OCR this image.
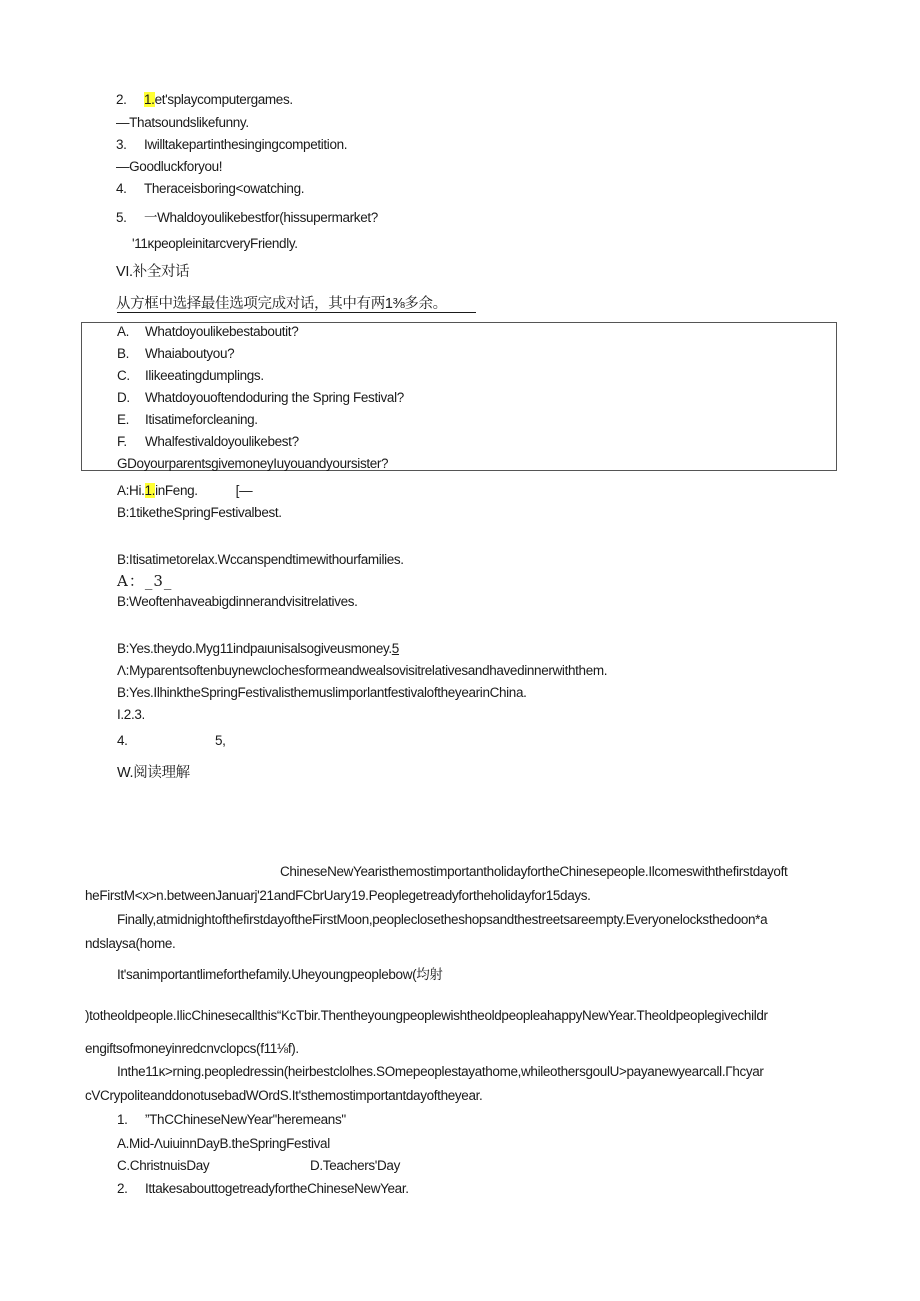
2. 1.et'splaycomputergames.
—Thatsoundslikefunny.
3. Iwilltakepartinthesingingcompetition.
—Goodluckforyou!
4. Theraceisboring<owatching.
5. 一Whaldoyoulikebestfor(hissupermarket?
'11κpeopleinitarcveryFriendly.
VI.补全对话
从方框中选择最佳选项完成对话，其中有两1⅜多余。
A. Whatdoyoulikebestaboutit?
B. Whaiaboutyou?
C. Ilikeeatingdumplings.
D. Whatdoyouoftendoduring the Spring Festival?
E. Itisatimeforcleaning.
F. Whalfestivaldoyoulikebest?
GDoyourparentsgivemoneyIuyouandyoursister?
A:Hi.1.inFeng.	[—
B:1tiketheSpringFestivalbest.
B:Itisatimetorelax.Wccanspendtimewithourfamilies.
A：_3_
B:Weoftenhaveabigdinnerandvisitrelatives.
B:Yes.theydo.Myg11indpaιunisalsogiveusmoney.5
Λ:Myparentsoftenbuynewclochesformeandwealsovisitrelativesandhavedinnerwiththem.
B:Yes.IlhinktheSpringFestivalisthemuslimporlantfestivaloftheyearinChina.
I.2.3.
4.	5,
W.阅读理解
ChineseNewYearisthemostimportantholidayfortheChinesepeople.Ilcomeswiththefirstdayoft
heFirstM<x>n.betweenJanuarj'21andFCbrUary19.Peoplegetreadyfortheholidayfor15days.
Finally,atmidnightofthefirstdayoftheFirstMoon,peopleclosetheshopsandthestreetsareempty.Everyonelocksthedoon*a
ndslaysa(home.
It'sanimportantlimeforthefamily.Uheyoungpeoplebow(均射
)totheoldpeople.IlicChinesecallthis“KcTbir.ThentheyoungpeoplewishtheoldpeopleahappyNewYear.Theoldpeoplegivechildr
engiftsofmoneyinredcnvclopcs(f11⅛f).
Inthe11κ>rning.peopledressin(heirbestclolhes.SOmepeoplestayathome,whileothersgoulU>payanewyearcall.Γhcyar
cVCrypoliteanddonotusebadWOrdS.It'sthemostimportantdayoftheyear.
1. ”ThCChineseNewYear''heremeans"
A.Mid-ΛuiuinnDayB.theSpringFestival
C.ChristnuisDay	D.Teachers'Day
2. IttakesabouttogetreadyfortheChineseNewYear.
